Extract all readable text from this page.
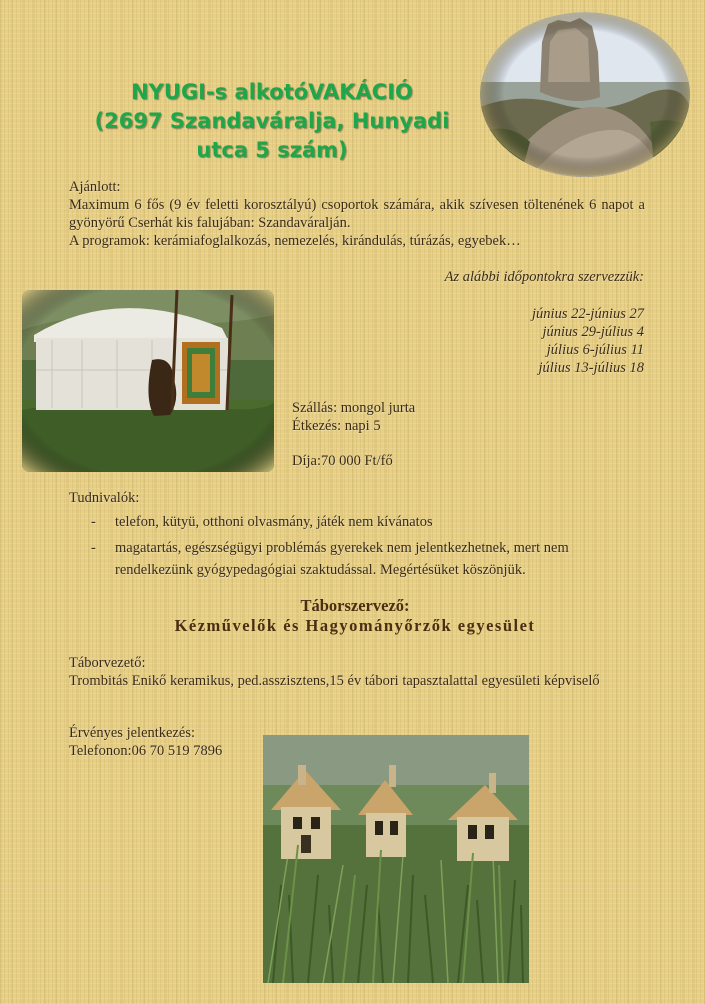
NYUGI-s alkotóVAKÁCIÓ
(2697 Szandaváralja, Hunyadi
utca 5 szám)
Ajánlott:
Maximum 6 fős (9 év feletti korosztályú) csoportok számára, akik szívesen töltenének 6 napot a gyönyörű Cserhát kis falujában: Szandaváralján.
A programok: kerámiafoglalkozás, nemezelés, kirándulás, túrázás, egyebek…
Az alábbi időpontokra szervezzük:
június 22-június 27
június 29-július 4
július 6-július 11
július 13-július 18
Szállás: mongol jurta
Étkezés: napi 5
Díja:70 000 Ft/fő
Tudnivalók:
- telefon, kütyü, otthoni olvasmány, játék nem kívánatos
- magatartás, egészségügyi problémás gyerekek nem jelentkezhetnek, mert nem rendelkezünk gyógypedagógiai szaktudással. Megértésüket köszönjük.
Táborszervező:
Kézművelők és Hagyományőrzők egyesület
Táborvezető:
Trombitás Enikő keramikus, ped.asszisztens,15 év tábori tapasztalattal egyesületi képviselő
Érvényes jelentkezés:
Telefonon:06 70 519 7896
